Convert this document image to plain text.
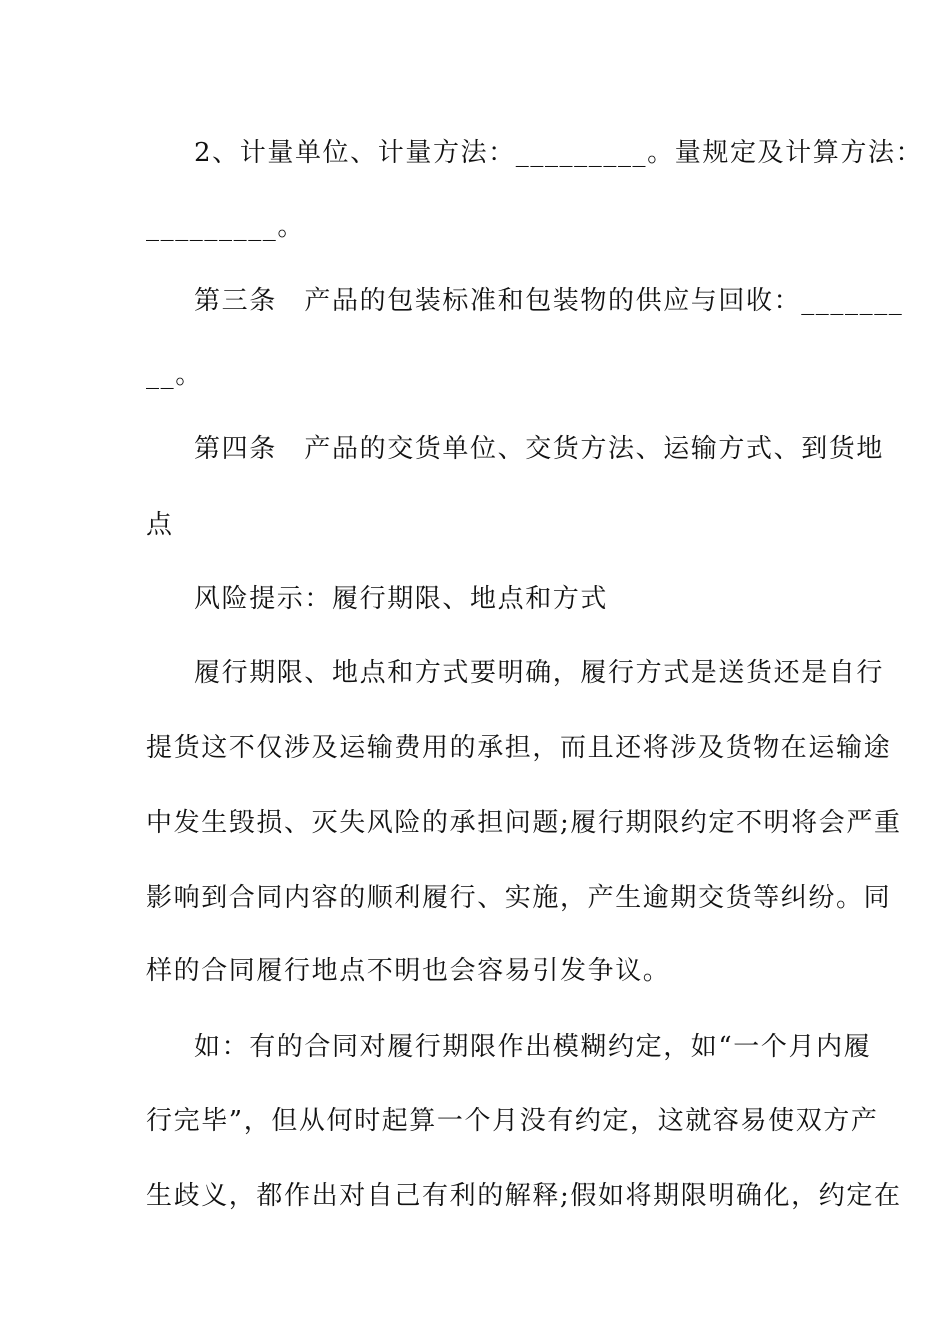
2、计量单位、计量方法：_________。量规定及计算方法：
_________。
第三条　产品的包装标准和包装物的供应与回收：_______
__。
第四条　产品的交货单位、交货方法、运输方式、到货地
点
风险提示：履行期限、地点和方式
履行期限、地点和方式要明确，履行方式是送货还是自行
提货这不仅涉及运输费用的承担，而且还将涉及货物在运输途
中发生毁损、灭失风险的承担问题;履行期限约定不明将会严重
影响到合同内容的顺利履行、实施，产生逾期交货等纠纷。同
样的合同履行地点不明也会容易引发争议。
如：有的合同对履行期限作出模糊约定，如“一个月内履
行完毕”，但从何时起算一个月没有约定，这就容易使双方产
生歧义，都作出对自己有利的解释;假如将期限明确化，约定在
